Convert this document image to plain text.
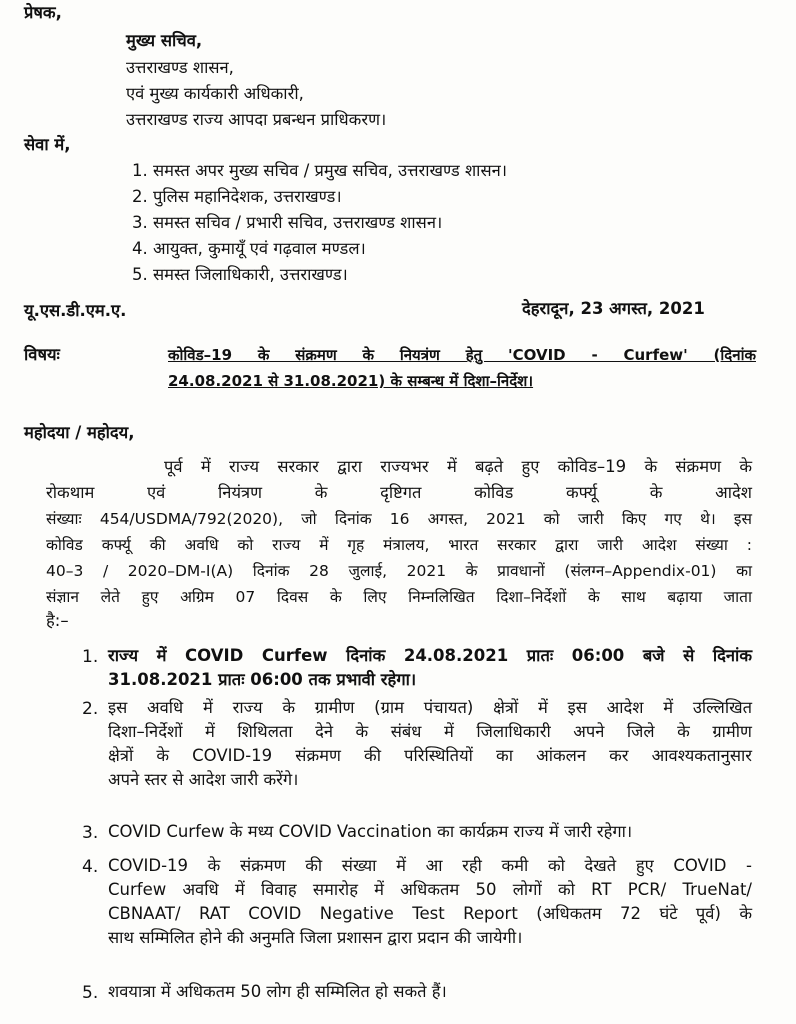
प्रेषक,
मुख्य सचिव,
उत्तराखण्ड शासन,
एवं मुख्य कार्यकारी अधिकारी,
उत्तराखण्ड राज्य आपदा प्रबन्धन प्राधिकरण।
सेवा में,
1. समस्त अपर मुख्य सचिव / प्रमुख सचिव, उत्तराखण्ड शासन।
2. पुलिस महानिदेशक, उत्तराखण्ड।
3. समस्त सचिव / प्रभारी सचिव, उत्तराखण्ड शासन।
4. आयुक्त, कुमायूँ एवं गढ़वाल मण्डल।
5. समस्त जिलाधिकारी, उत्तराखण्ड।
यू.एस.डी.एम.ए.	देहरादून, 23 अगस्त, 2021
विषयः	कोविड–19 के संक्रमण के नियत्रंण हेतु 'COVID - Curfew' (दिनांक
24.08.2021 से 31.08.2021) के सम्बन्ध में दिशा–निर्देश।
महोदया / महोदय,
पूर्व में राज्य सरकार द्वारा राज्यभर में बढ़ते हुए कोविड–19 के संक्रमण के
रोकथाम एवं नियंत्रण के दृष्टिगत कोविड कर्फ्यू के आदेश
संख्याः 454/USDMA/792(2020), जो दिनांक 16 अगस्त, 2021 को जारी किए गए थे। इस
कोविड कर्फ्यू की अवधि को राज्य में गृह मंत्रालय, भारत सरकार द्वारा जारी आदेश संख्या :
40–3 / 2020–DM-I(A) दिनांक 28 जुलाई, 2021 के प्रावधानों (संलग्न–Appendix-01) का
संज्ञान लेते हुए अग्रिम 07 दिवस के लिए निम्नलिखित दिशा–निर्देशों के साथ बढ़ाया जाता
है:–
1. राज्य में COVID Curfew दिनांक 24.08.2021 प्रातः 06:00 बजे से दिनांक
31.08.2021 प्रातः 06:00 तक प्रभावी रहेगा।
2. इस अवधि में राज्य के ग्रामीण (ग्राम पंचायत) क्षेत्रों में इस आदेश में उल्लिखित
दिशा–निर्देशों में शिथिलता देने के संबंध में जिलाधिकारी अपने जिले के ग्रामीण
क्षेत्रों के COVID-19 संक्रमण की परिस्थितियों का आंकलन कर आवश्यकतानुसार
अपने स्तर से आदेश जारी करेंगे।
3. COVID Curfew के मध्य COVID Vaccination का कार्यक्रम राज्य में जारी रहेगा।
4. COVID-19 के संक्रमण की संख्या में आ रही कमी को देखते हुए COVID -
Curfew अवधि में विवाह समारोह में अधिकतम 50 लोगों को RT PCR/ TrueNat/
CBNAAT/ RAT COVID Negative Test Report (अधिकतम 72 घंटे पूर्व) के
साथ सम्मिलित होने की अनुमति जिला प्रशासन द्वारा प्रदान की जायेगी।
5. शवयात्रा में अधिकतम 50 लोग ही सम्मिलित हो सकते हैं।
